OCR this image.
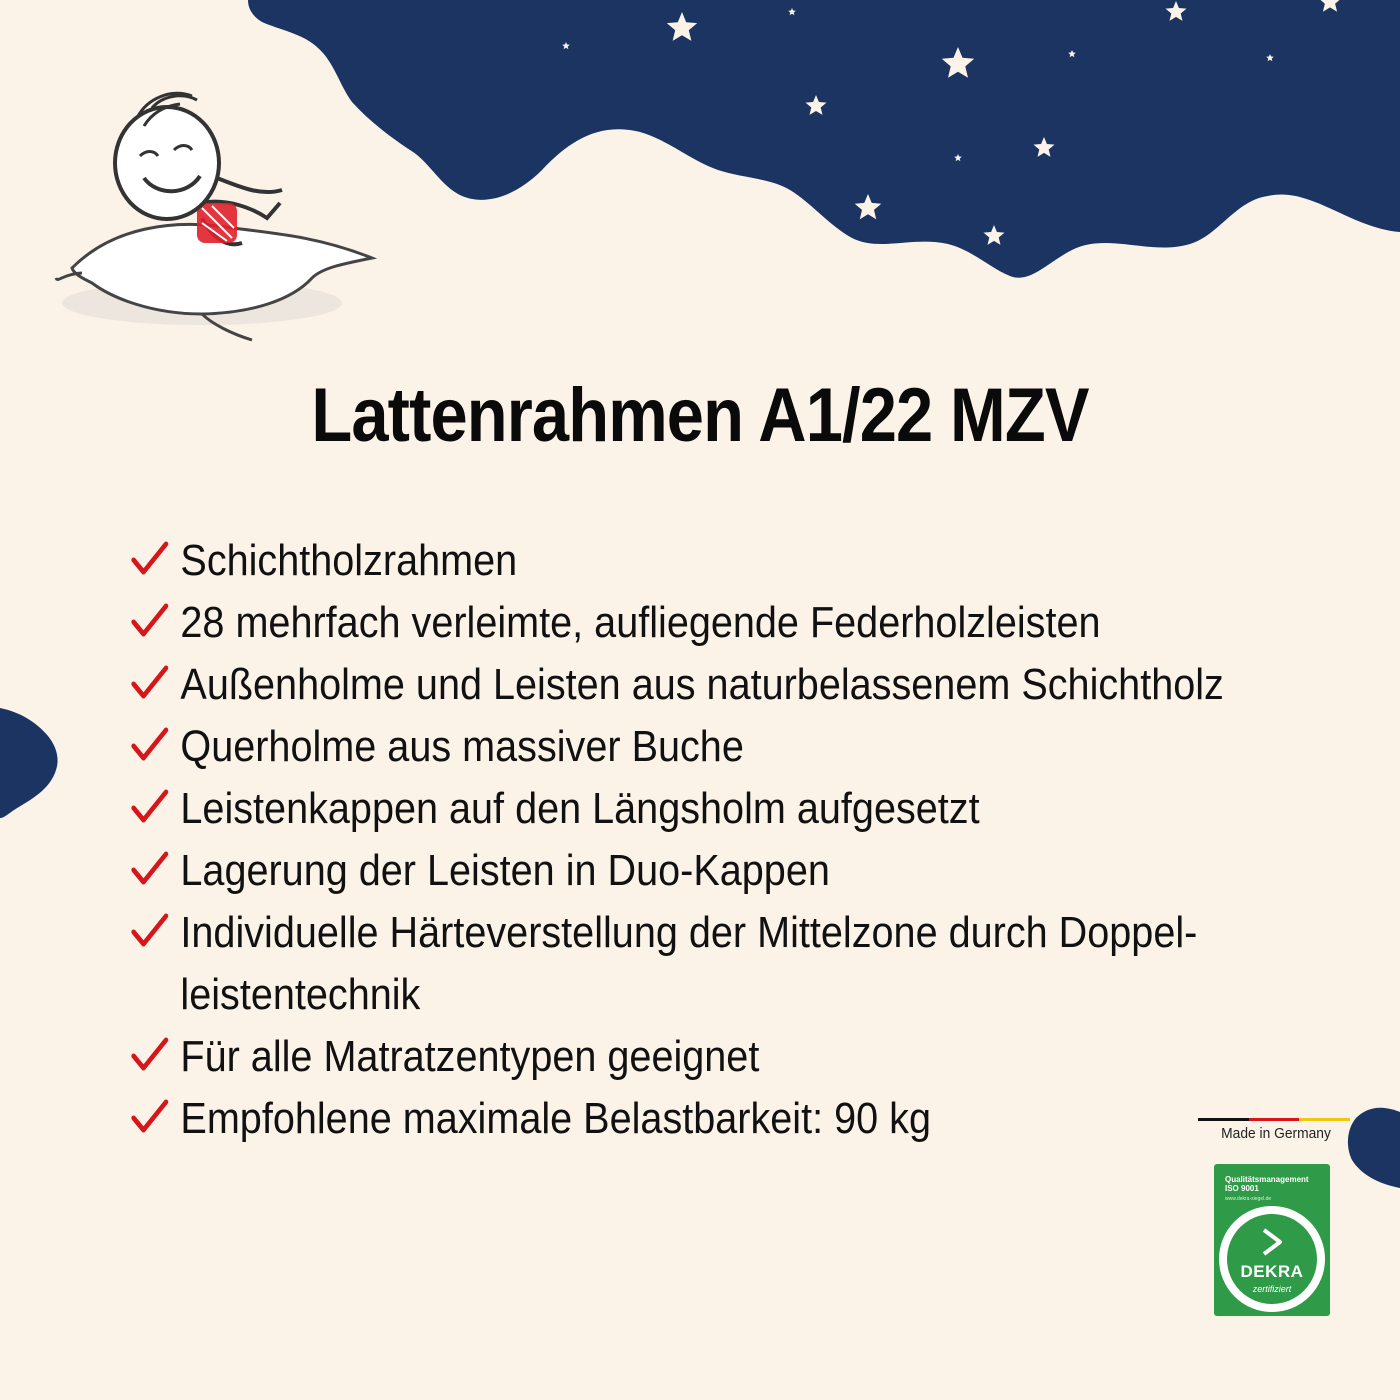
Lattenrahmen A1/22 MZV
Schichtholzrahmen
28 mehrfach verleimte, aufliegende Federholzleisten
Außenholme und Leisten aus naturbelassenem Schichtholz
Querholme aus massiver Buche
Leistenkappen auf den Längsholm aufgesetzt
Lagerung der Leisten in Duo-Kappen
Individuelle Härteverstellung der Mittelzone durch Doppel-
leistentechnik
Für alle Matratzentypen geeignet
Empfohlene maximale Belastbarkeit: 90 kg	Made in Germany
Qualitätsmanagement
ISO 9001
www.dekra-siegel.de
DEKRA
zertifiziert
